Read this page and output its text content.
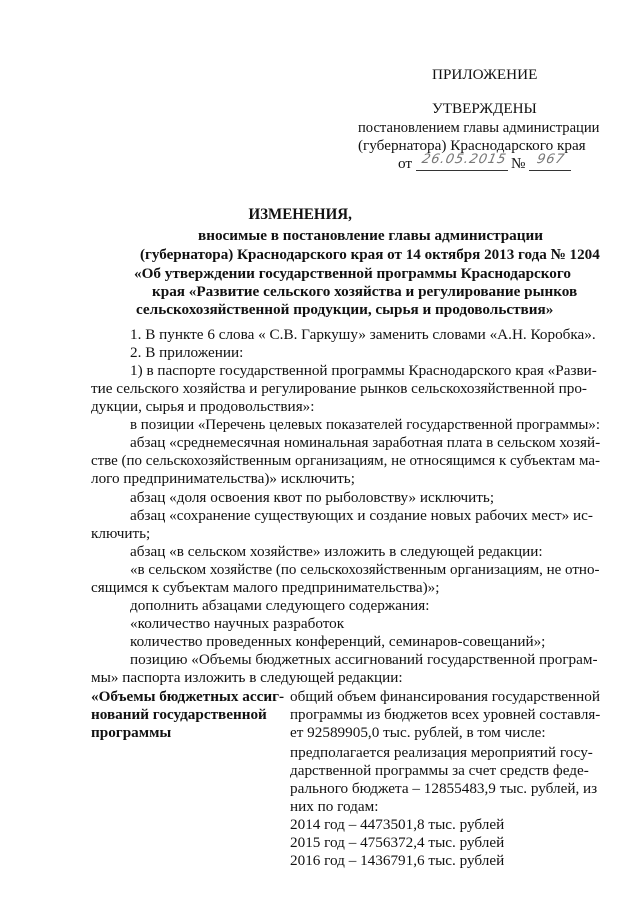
ПРИЛОЖЕНИЕ
УТВЕРЖДЕНЫ
постановлением главы администрации
(губернатора) Краснодарского края
от 26.05.2015 № 967
ИЗМЕНЕНИЯ,
вносимые в постановление главы администрации
(губернатора) Краснодарского края от 14 октября 2013 года № 1204
«Об утверждении государственной программы Краснодарского
края «Развитие сельского хозяйства и регулирование рынков
сельскохозяйственной продукции, сырья и продовольствия»
1. В пункте 6 слова « С.В. Гаркушу» заменить словами «А.Н. Коробка».
2. В приложении:
1) в паспорте государственной программы Краснодарского края «Разви-
тие сельского хозяйства и регулирование рынков сельскохозяйственной про-
дукции, сырья и продовольствия»:
в позиции «Перечень целевых показателей государственной программы»:
абзац «среднемесячная номинальная заработная плата в сельском хозяй-
стве (по сельскохозяйственным организациям, не относящимся к субъектам ма-
лого предпринимательства)» исключить;
абзац «доля освоения квот по рыболовству» исключить;
абзац «сохранение существующих и создание новых рабочих мест» ис-
ключить;
абзац «в сельском хозяйстве» изложить в следующей редакции:
«в сельском хозяйстве (по сельскохозяйственным организациям, не отно-
сящимся к субъектам малого предпринимательства)»;
дополнить абзацами следующего содержания:
«количество научных разработок
количество проведенных конференций, семинаров-совещаний»;
позицию «Объемы бюджетных ассигнований государственной програм-
мы» паспорта изложить в следующей редакции:
«Объемы бюджетных ассиг-
нований государственной
программы
общий объем финансирования государственной
программы из бюджетов всех уровней составля-
ет 92589905,0 тыс. рублей, в том числе:
предполагается реализация мероприятий госу-
дарственной программы за счет средств феде-
рального бюджета – 12855483,9 тыс. рублей, из
них по годам:
2014 год – 4473501,8 тыс. рублей
2015 год – 4756372,4 тыс. рублей
2016 год – 1436791,6 тыс. рублей
